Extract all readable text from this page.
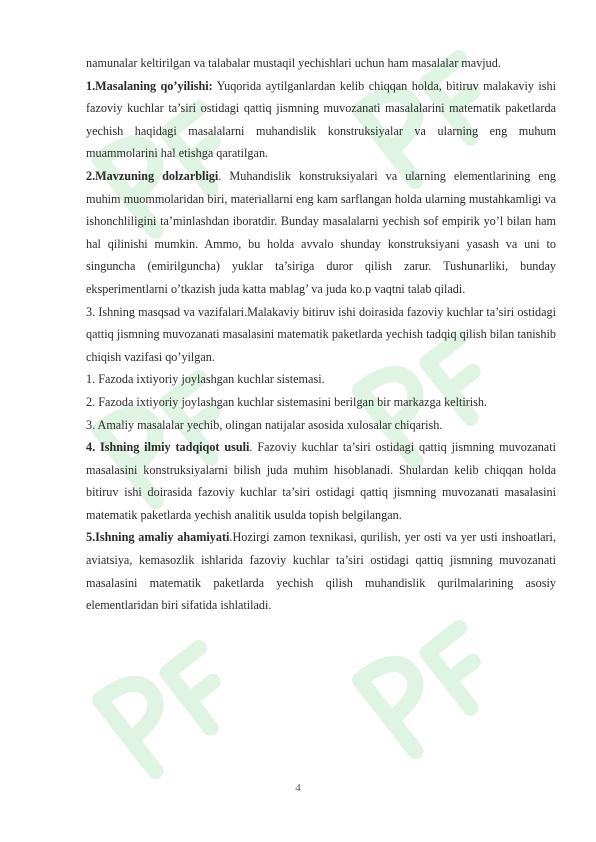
namunalar keltirilgan va talabalar mustaqil yechishlari uchun ham masalalar mavjud.

1.Masalaning qo’yilishi: Yuqorida aytilganlardan kelib chiqqan holda, bitiruv malakaviy ishi fazoviy kuchlar ta’siri ostidagi qattiq jismning muvozanati masalalarini matematik paketlarda yechish haqidagi masalalarni muhandislik konstruksiyalar va ularning eng muhum muammolarini hal etishga qaratilgan.

2.Mavzuning dolzarbligi. Muhandislik konstruksiyalari va ularning elementlarining eng muhim muommolaridan biri, materiallarni eng kam sarflangan holda ularning mustahkamligi va ishonchliligini ta’minlashdan iboratdir. Bunday masalalarni yechish sof empirik yo’l bilan ham hal qilinishi mumkin. Ammo, bu holda avvalo shunday konstruksiyani yasash va uni to singuncha (emirilguncha) yuklar ta’siriga duror qilish zarur. Tushunarliki, bunday eksperimentlarni o’tkazish juda katta mablag’ va juda ko.p vaqtni talab qiladi.

3. Ishning masqsad va vazifalari.Malakaviy bitiruv ishi doirasida fazoviy kuchlar ta’siri ostidagi qattiq jismning muvozanati masalasini matematik paketlarda yechish tadqiq qilish bilan tanishib chiqish vazifasi qo’yilgan.

1. Fazoda ixtiyoriy joylashgan kuchlar sistemasi.

2. Fazoda ixtiyoriy joylashgan kuchlar sistemasini berilgan bir markazga keltirish.

3. Amaliy masalalar yechib, olingan natijalar asosida xulosalar chiqarish.

4. Ishning ilmiy tadqiqot usuli. Fazoviy kuchlar ta’siri ostidagi qattiq jismning muvozanati masalasini konstruksiyalarni bilish juda muhim hisoblanadi. Shulardan kelib chiqqan holda bitiruv ishi doirasida fazoviy kuchlar ta’siri ostidagi qattiq jismning muvozanati masalasini matematik paketlarda yechish analitik usulda topish belgilangan.

5.Ishning amaliy ahamiyati.Hozirgi zamon texnikasi, qurilish, yer osti va yer usti inshoatlari, aviatsiya, kemasozlik ishlarida fazoviy kuchlar ta’siri ostidagi qattiq jismning muvozanati masalasini matematik paketlarda yechish qilish muhandislik qurilmalarining asosiy elementlaridan biri sifatida ishlatiladi.

4
